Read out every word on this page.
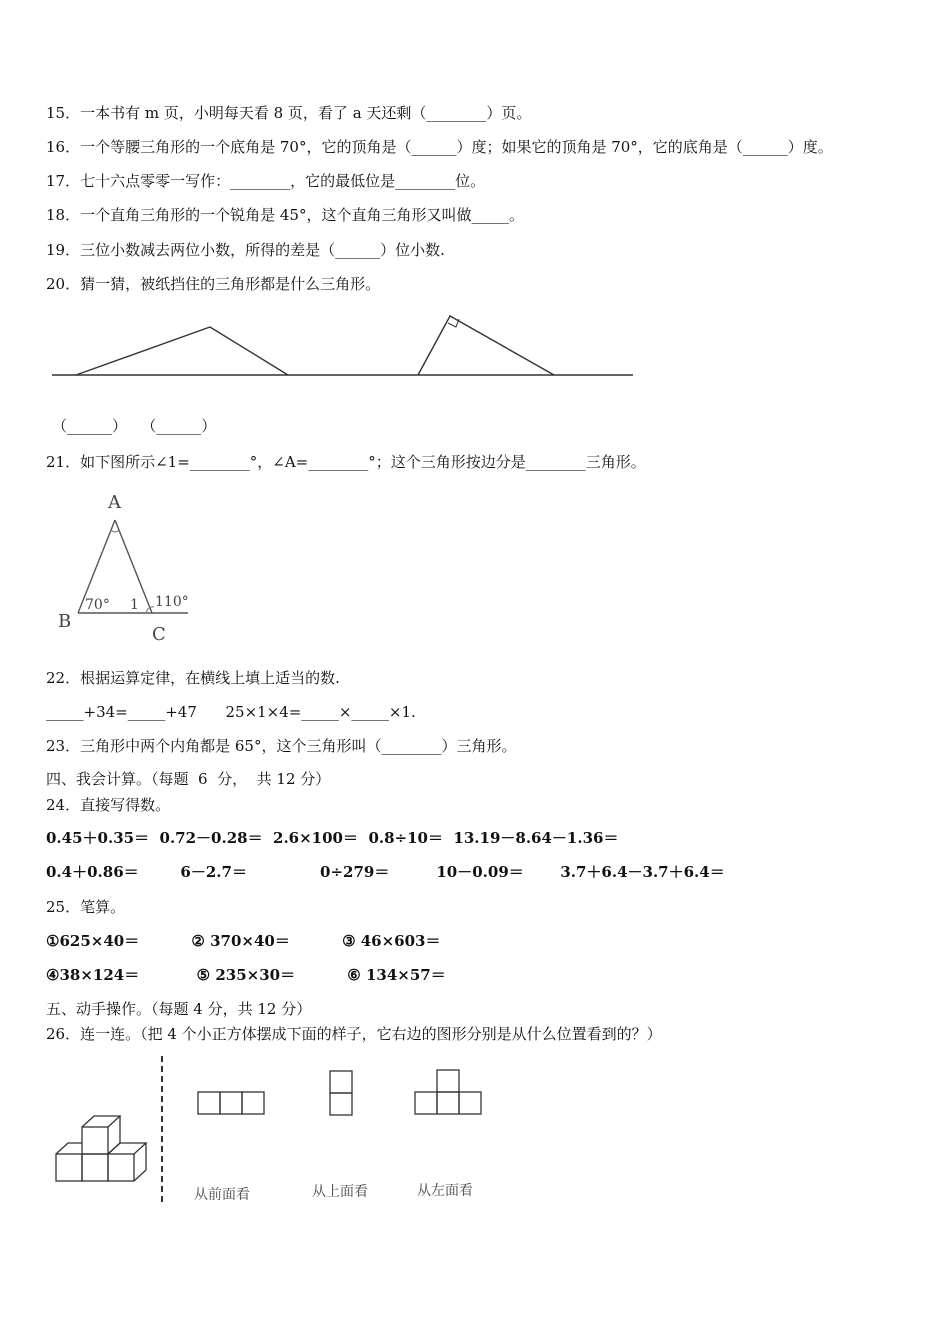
15．一本书有 m 页，小明每天看 8 页，看了 a 天还剩（________）页。
16．一个等腰三角形的一个底角是 70°，它的顶角是（______）度；如果它的顶角是 70°，它的底角是（______）度。
17．七十六点零零一写作：________，它的最低位是________位。
18．一个直角三角形的一个锐角是 45°，这个直角三角形又叫做_____。
19．三位小数减去两位小数，所得的差是（______）位小数.
20．猜一猜，被纸挡住的三角形都是什么三角形。
（______）   （______）
21．如下图所示∠1=________°，∠A=________°；这个三角形按边分是________三角形。
A
B
C
70° 1 110°
22．根据运算定律，在横线上填上适当的数.
_____+34=_____+47      25×1×4=_____×_____×1.
23．三角形中两个内角都是 65°，这个三角形叫（________）三角形。
四、我会计算。（每题  6  分，  共 12 分）
24．直接写得数。
0.45＋0.35＝  0.72－0.28＝  2.6×100＝  0.8÷10＝  13.19－8.64－1.36＝
0.4＋0.86＝        6－2.7＝              0÷279＝         10－0.09＝       3.7＋6.4－3.7＋6.4＝
25．笔算。
①625×40＝          ② 370×40＝          ③ 46×603＝
④38×124＝           ⑤ 235×30＝          ⑥ 134×57＝
五、动手操作。（每题 4 分，共 12 分）
26．连一连。（把 4 个小正方体摆成下面的样子，它右边的图形分别是从什么位置看到的？）
从前面看	从上面看	从左面看
